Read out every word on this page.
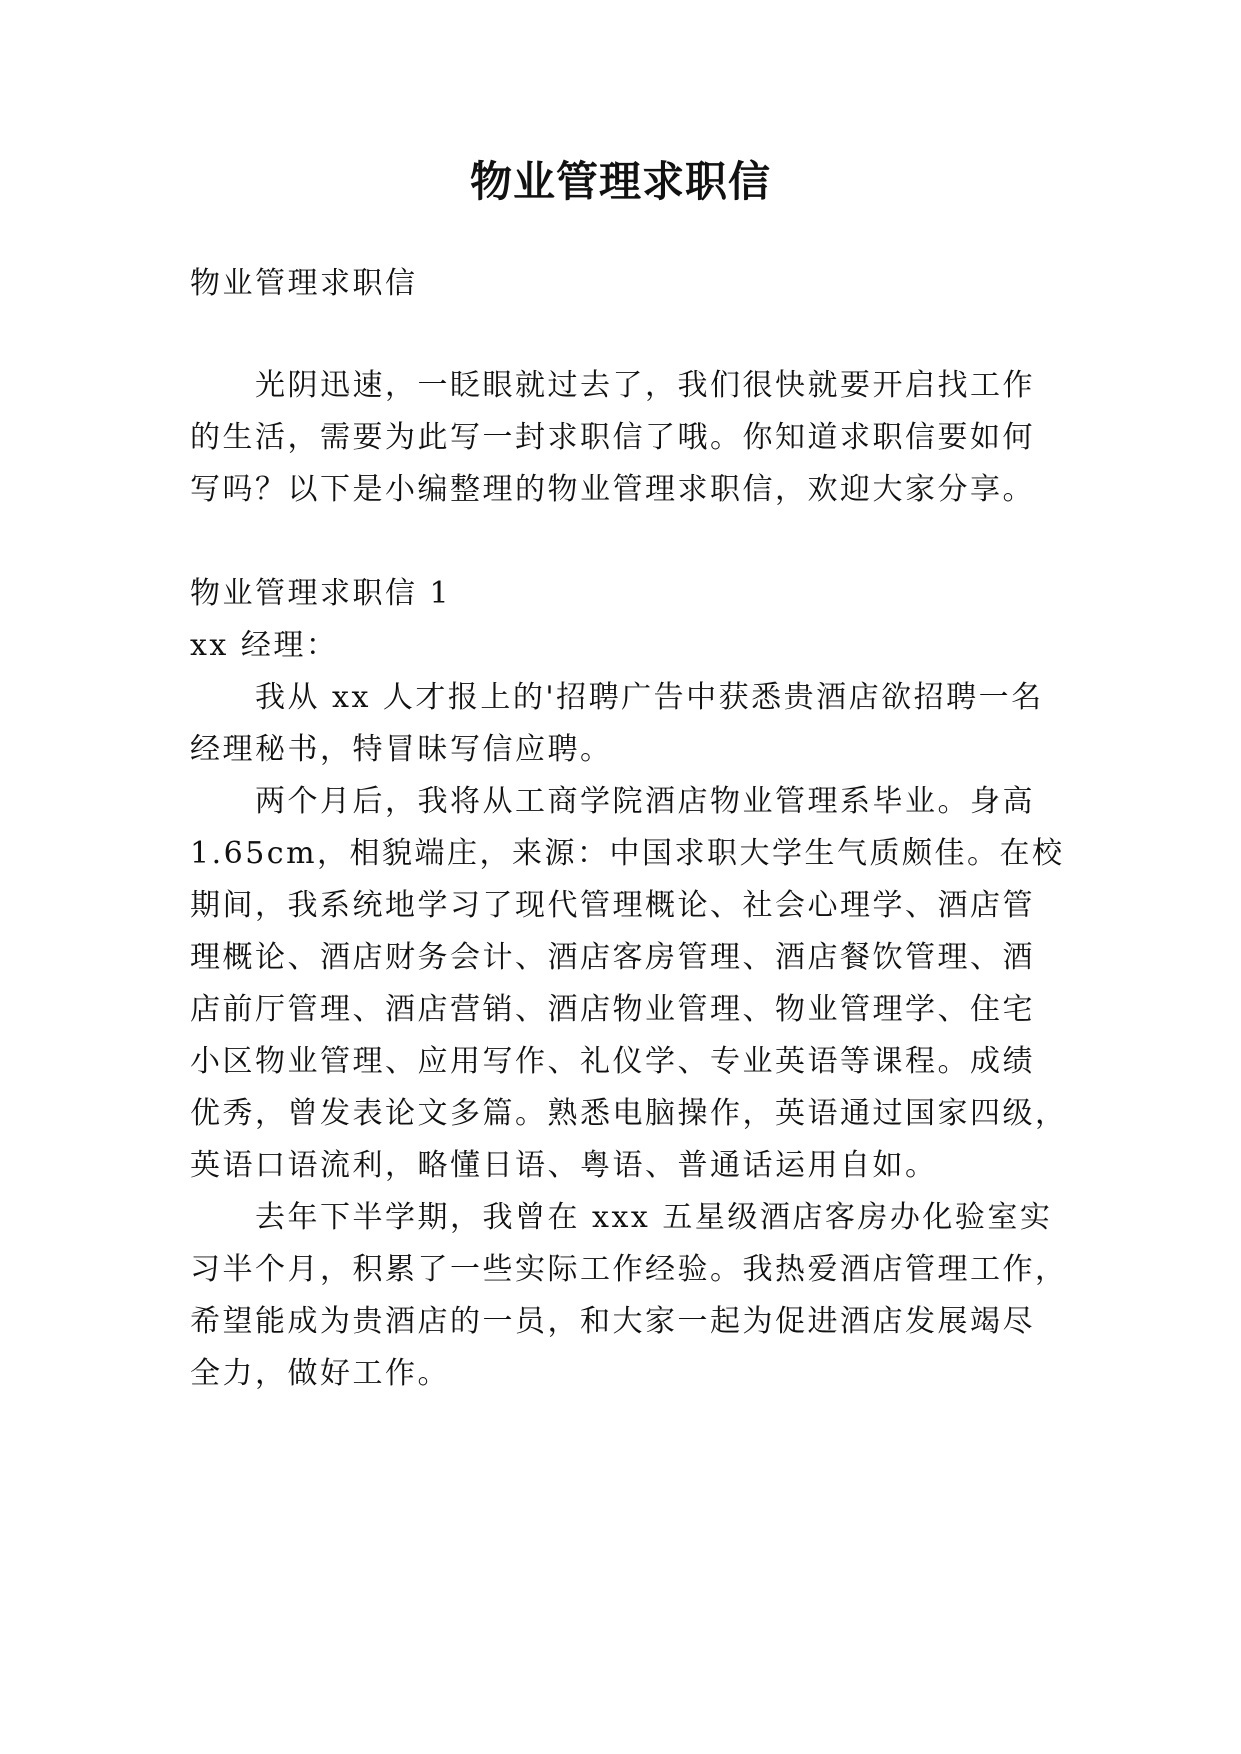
物业管理求职信
物业管理求职信
光阴迅速，一眨眼就过去了，我们很快就要开启找工作
的生活，需要为此写一封求职信了哦。你知道求职信要如何
写吗？以下是小编整理的物业管理求职信，欢迎大家分享。
物业管理求职信 1
xx 经理：
我从 xx 人才报上的'招聘广告中获悉贵酒店欲招聘一名
经理秘书，特冒昧写信应聘。
两个月后，我将从工商学院酒店物业管理系毕业。身高
1.65cm，相貌端庄，来源：中国求职大学生气质颇佳。在校
期间，我系统地学习了现代管理概论、社会心理学、酒店管
理概论、酒店财务会计、酒店客房管理、酒店餐饮管理、酒
店前厅管理、酒店营销、酒店物业管理、物业管理学、住宅
小区物业管理、应用写作、礼仪学、专业英语等课程。成绩
优秀，曾发表论文多篇。熟悉电脑操作，英语通过国家四级，
英语口语流利，略懂日语、粤语、普通话运用自如。
去年下半学期，我曾在 xxx 五星级酒店客房办化验室实
习半个月，积累了一些实际工作经验。我热爱酒店管理工作，
希望能成为贵酒店的一员，和大家一起为促进酒店发展竭尽
全力，做好工作。
